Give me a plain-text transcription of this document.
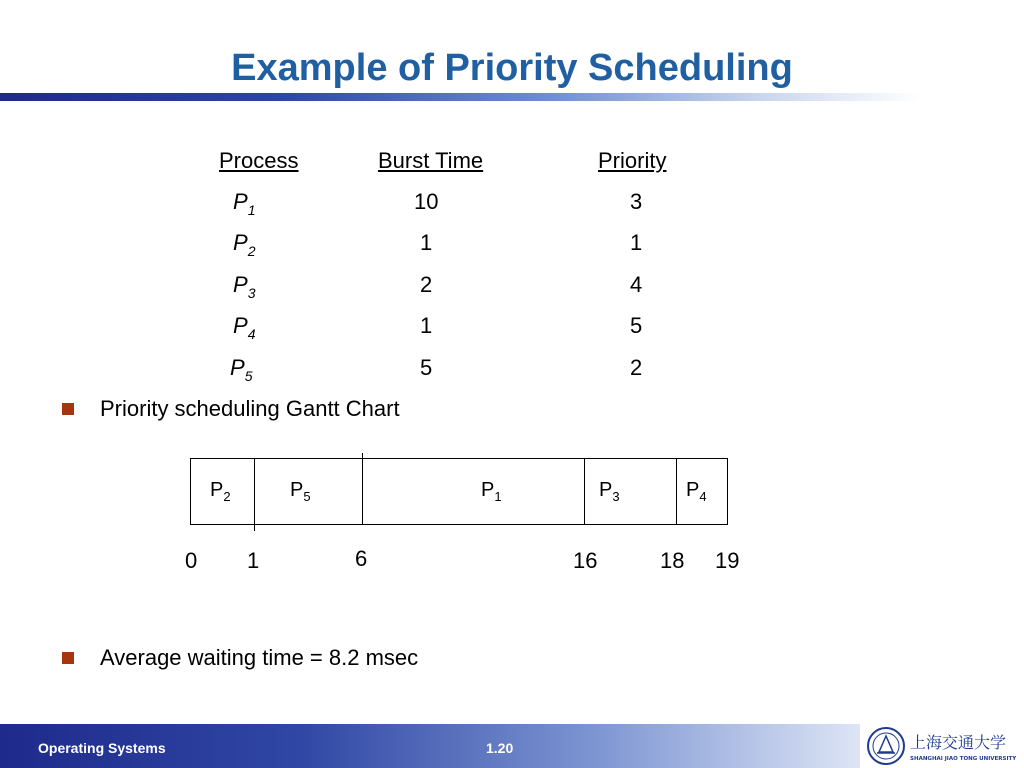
Example of Priority Scheduling
Process	Burst Time	Priority
$P_1$	10	3
$P_2$	1	1
$P_3$	2	4
$P_4$	1	5
$P_5$	5	2
Priority scheduling Gantt Chart
$P_2$	$P_5$	$P_1$	$P_3$	$P_4$
0 1	6	16	18 19
Average waiting time = 8.2 msec
Operating Systems	1.20	上海交通大学
SHANGHAI JIAO TONG UNIVERSITY
